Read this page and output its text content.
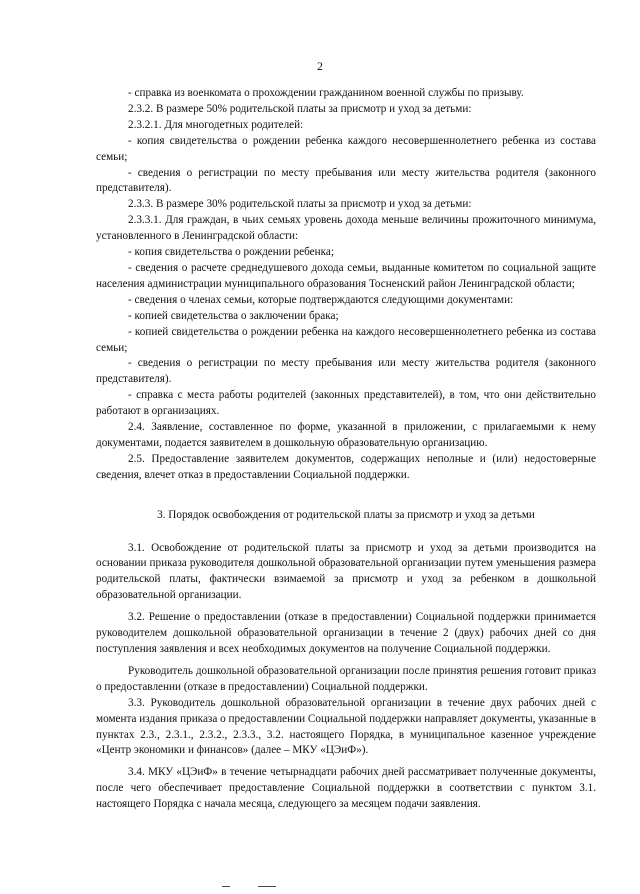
2

- справка из военкомата о прохождении гражданином военной службы по призыву.

2.3.2. В размере 50% родительской платы за присмотр и уход за детьми:

2.3.2.1. Для многодетных родителей:

- копия свидетельства о рождении ребенка каждого несовершеннолетнего ребенка из состава семьи;

- сведения о регистрации по месту пребывания или месту жительства родителя (законного представителя).

2.3.3. В размере 30% родительской платы за присмотр и уход за детьми:

2.3.3.1. Для граждан, в чьих семьях уровень дохода меньше величины прожиточного минимума, установленного в Ленинградской области:

- копия свидетельства о рождении ребенка;

- сведения о расчете среднедушевого дохода семьи, выданные комитетом по социальной защите населения администрации муниципального образования Тосненский район Ленинградской области;

- сведения о членах семьи, которые подтверждаются следующими документами:

- копией свидетельства о заключении брака;

- копией свидетельства о рождении ребенка на каждого несовершеннолетнего ребенка из состава семьи;

- сведения о регистрации по месту пребывания или месту жительства родителя (законного представителя).

- справка с места работы родителей (законных представителей), в том, что они действительно работают в организациях.

2.4. Заявление, составленное по форме, указанной в приложении, с прилагаемыми к нему документами, подается заявителем в дошкольную образовательную организацию.

2.5. Предоставление заявителем документов, содержащих неполные и (или) недостоверные сведения, влечет отказ в предоставлении Социальной поддержки.

3. Порядок освобождения от родительской платы за присмотр и уход за детьми

3.1. Освобождение от родительской платы за присмотр и уход за детьми производится на основании приказа руководителя дошкольной образовательной организации путем уменьшения размера родительской платы, фактически взимаемой за присмотр и уход за ребенком в дошкольной образовательной организации.

3.2. Решение о предоставлении (отказе в предоставлении) Социальной поддержки принимается руководителем дошкольной образовательной организации в течение 2 (двух) рабочих дней со дня поступления заявления и всех необходимых документов на получение Социальной поддержки.

Руководитель дошкольной образовательной организации после принятия решения готовит приказ о предоставлении (отказе в предоставлении) Социальной поддержки.

3.3. Руководитель дошкольной образовательной организации в течение двух рабочих дней с момента издания приказа о предоставлении Социальной поддержки направляет документы, указанные в пунктах 2.3., 2.3.1., 2.3.2., 2.3.3., 3.2. настоящего Порядка, в муниципальное казенное учреждение «Центр экономики и финансов» (далее – МКУ «ЦЭиФ»).

3.4. МКУ «ЦЭиФ» в течение четырнадцати рабочих дней рассматривает полученные документы, после чего обеспечивает предоставление Социальной поддержки в соответствии с пунктом 3.1. настоящего Порядка с начала месяца, следующего за месяцем подачи заявления.
